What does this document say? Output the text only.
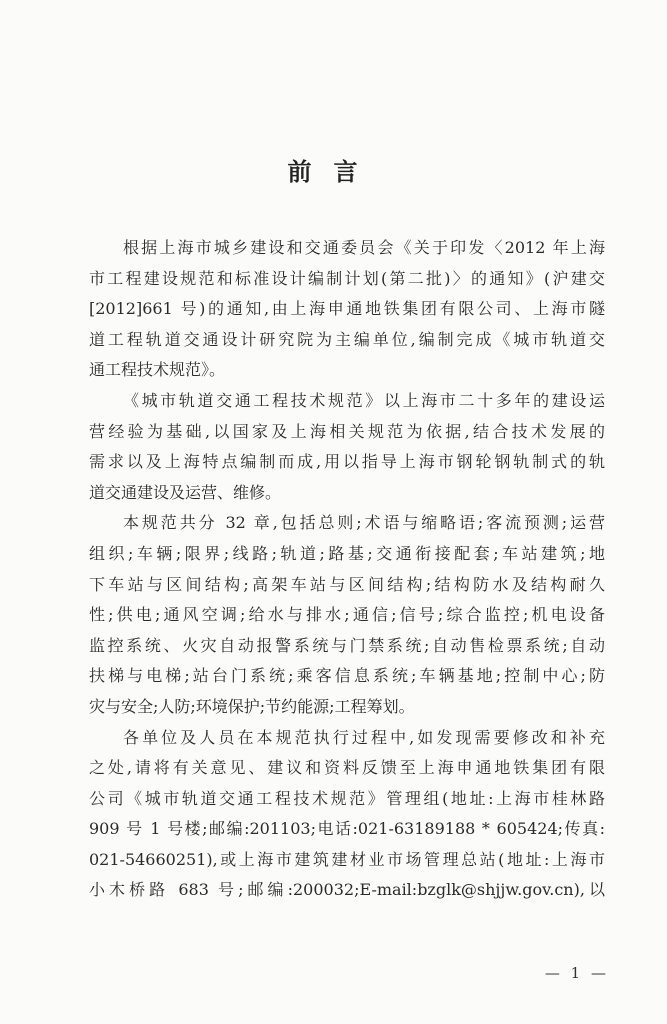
前言
根据上海市城乡建设和交通委员会《关于印发〈2012 年上海
市工程建设规范和标准设计编制计划(第二批)〉的通知》(沪建交
[2012]661 号)的通知,由上海申通地铁集团有限公司、上海市隧
道工程轨道交通设计研究院为主编单位,编制完成《城市轨道交
通工程技术规范》。
《城市轨道交通工程技术规范》以上海市二十多年的建设运
营经验为基础,以国家及上海相关规范为依据,结合技术发展的
需求以及上海特点编制而成,用以指导上海市钢轮钢轨制式的轨
道交通建设及运营、维修。
本规范共分 32 章,包括总则;术语与缩略语;客流预测;运营
组织;车辆;限界;线路;轨道;路基;交通衔接配套;车站建筑;地
下车站与区间结构;高架车站与区间结构;结构防水及结构耐久
性;供电;通风空调;给水与排水;通信;信号;综合监控;机电设备
监控系统、火灾自动报警系统与门禁系统;自动售检票系统;自动
扶梯与电梯;站台门系统;乘客信息系统;车辆基地;控制中心;防
灾与安全;人防;环境保护;节约能源;工程筹划。
各单位及人员在本规范执行过程中,如发现需要修改和补充
之处,请将有关意见、建议和资料反馈至上海申通地铁集团有限
公司《城市轨道交通工程技术规范》管理组(地址:上海市桂林路
909 号 1 号楼;邮编:201103;电话:021-63189188 * 605424;传真:
021-54660251),或上海市建筑建材业市场管理总站(地址:上海市
小木桥路 683 号;邮编:200032;E-mail:bzglk@shjjw.gov.cn),以
— 1 —
